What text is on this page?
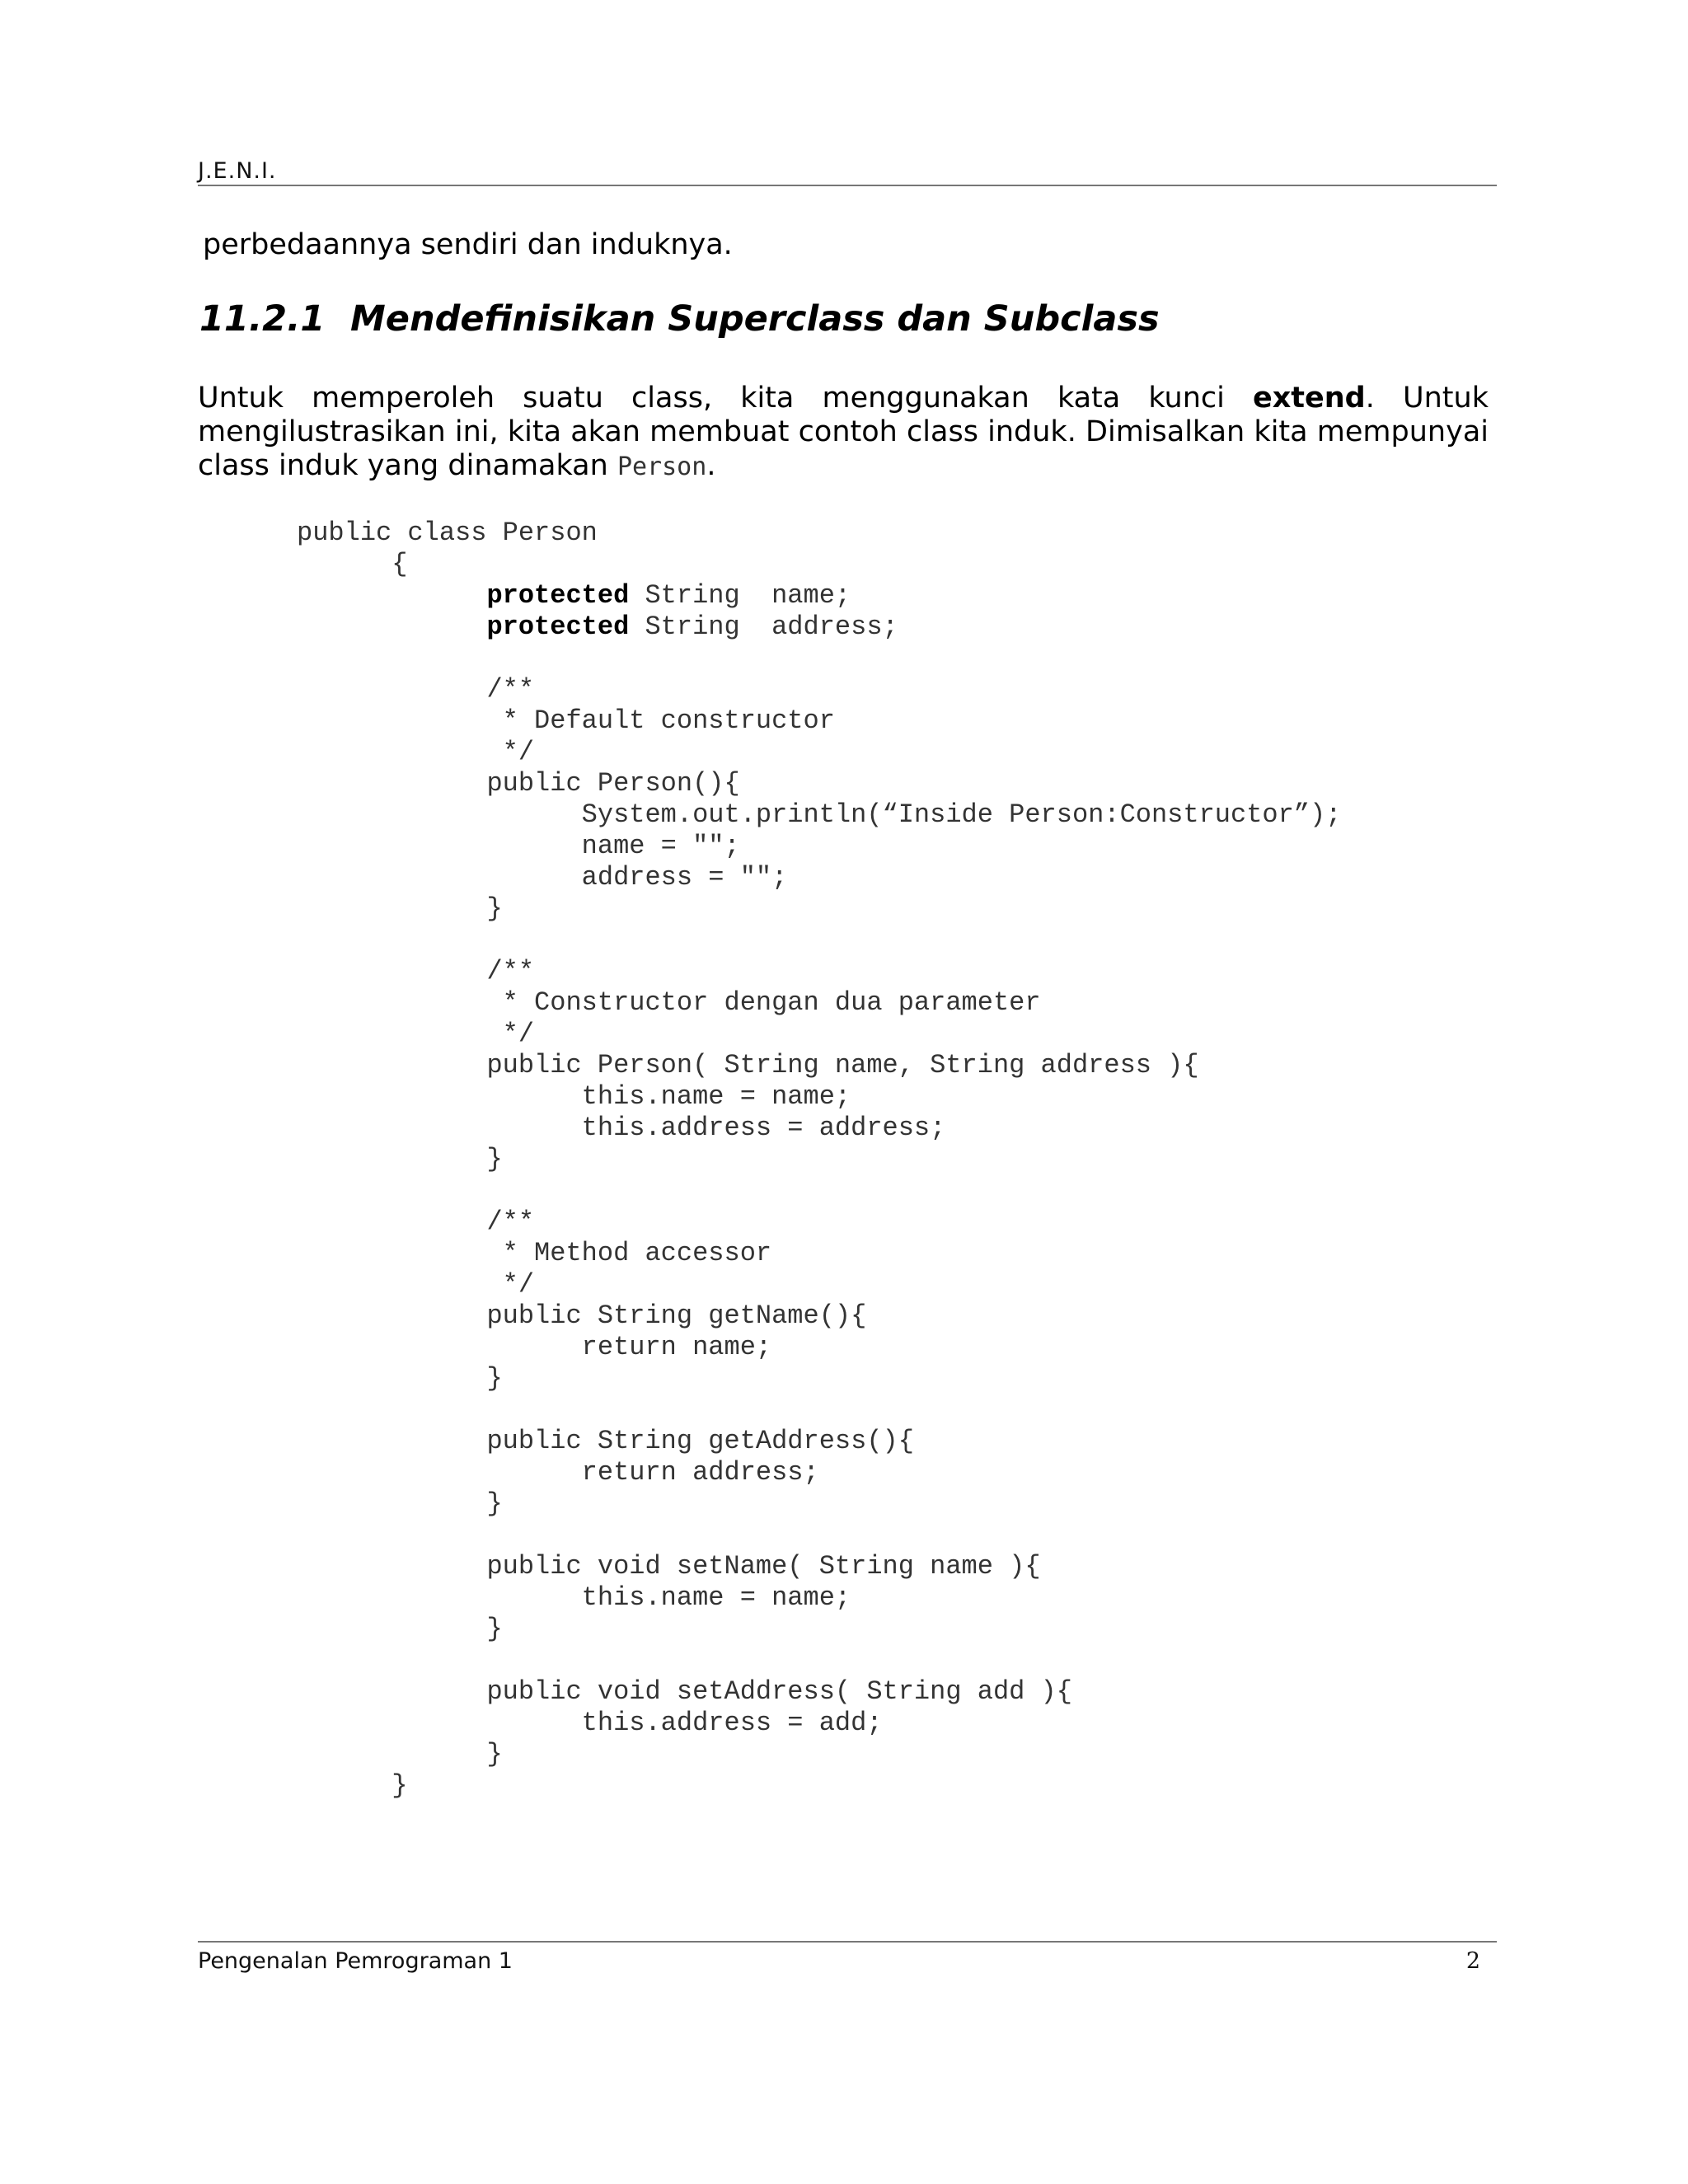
J.E.N.I.
perbedaannya sendiri dan induknya.
11.2.1 Mendefinisikan Superclass dan Subclass
Untuk memperoleh suatu class, kita menggunakan kata kunci extend. Untuk
mengilustrasikan ini, kita akan membuat contoh class induk. Dimisalkan kita mempunyai
class induk yang dinamakan Person.
public class Person
{
protected String  name;
protected String  address;
/**
* Default constructor
*/
public Person(){
System.out.println(“Inside Person:Constructor”);
name = "";
address = "";
}
/**
* Constructor dengan dua parameter
*/
public Person( String name, String address ){
this.name = name;
this.address = address;
}
/**
* Method accessor
*/
public String getName(){
return name;
}
public String getAddress(){
return address;
}
public void setName( String name ){
this.name = name;
}
public void setAddress( String add ){
this.address = add;
}
}
Pengenalan Pemrograman 1	2
